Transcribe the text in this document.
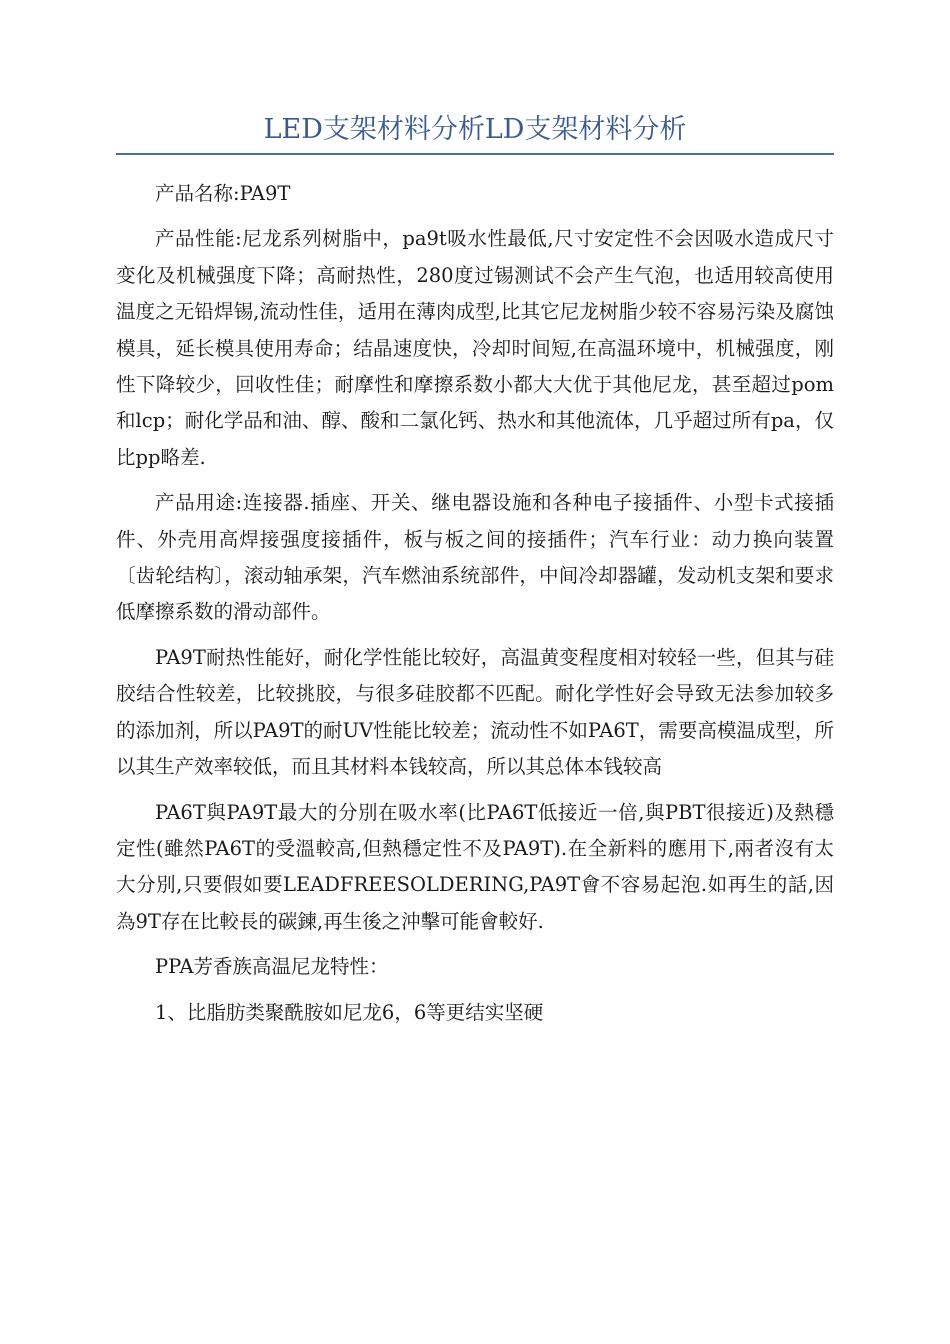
LED支架材料分析LD支架材料分析

产品名称:PA9T

产品性能:尼龙系列树脂中，pa9t吸水性最低,尺寸安定性不会因吸水造成尺寸变化及机械强度下降；高耐热性，280度过锡测试不会产生气泡，也适用较高使用温度之无铅焊锡,流动性佳，适用在薄肉成型,比其它尼龙树脂少较不容易污染及腐蚀模具，延长模具使用寿命；结晶速度快，冷却时间短,在高温环境中，机械强度，刚性下降较少，回收性佳；耐摩性和摩擦系数小都大大优于其他尼龙，甚至超过pom和lcp；耐化学品和油、醇、酸和二氯化钙、热水和其他流体，几乎超过所有pa，仅比pp略差.

产品用途:连接器.插座、开关、继电器设施和各种电子接插件、小型卡式接插件、外壳用高焊接强度接插件，板与板之间的接插件；汽车行业：动力换向装置〔齿轮结构〕，滚动轴承架，汽车燃油系统部件，中间冷却器罐，发动机支架和要求低摩擦系数的滑动部件。

PA9T耐热性能好，耐化学性能比较好，高温黄变程度相对较轻一些，但其与硅胶结合性较差，比较挑胶，与很多硅胶都不匹配。耐化学性好会导致无法参加较多的添加剂，所以PA9T的耐UV性能比较差；流动性不如PA6T，需要高模温成型，所以其生产效率较低，而且其材料本钱较高，所以其总体本钱较高

PA6T與PA9T最大的分別在吸水率(比PA6T低接近一倍,與PBT很接近)及熱穩定性(雖然PA6T的受溫較高,但熱穩定性不及PA9T).在全新料的應用下,兩者沒有太大分別,只要假如要LEADFREESOLDERING,PA9T會不容易起泡.如再生的話,因為9T存在比較長的碳鍊,再生後之沖擊可能會較好.

PPA芳香族高温尼龙特性：

1、比脂肪类聚酰胺如尼龙6，6等更结实坚硬
